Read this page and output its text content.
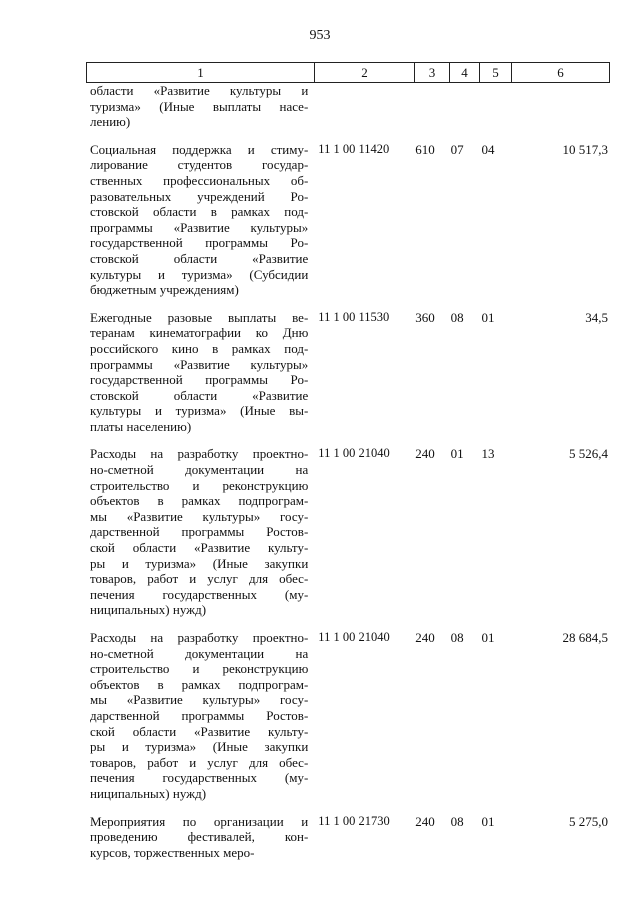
953
1	2	3	4	5	6
области «Развитие культуры и
туризма» (Иные выплаты насе-
лению)
Социальная поддержка и стиму-
лирование студентов государ-
ственных профессиональных об-
разовательных учреждений Ро-
стовской области в рамках под-
программы «Развитие культуры»
государственной программы Ро-
стовской области «Развитие
культуры и туризма» (Субсидии
бюджетным учреждениям)
11 1 00 11420	610	07	04	10 517,3
Ежегодные разовые выплаты ве-
теранам кинематографии ко Дню
российского кино в рамках под-
программы «Развитие культуры»
государственной программы Ро-
стовской области «Развитие
культуры и туризма» (Иные вы-
платы населению)
11 1 00 11530	360	08	01	34,5
Расходы на разработку проектно-
но-сметной документации на
строительство и реконструкцию
объектов в рамках подпрограм-
мы «Развитие культуры» госу-
дарственной программы Ростов-
ской области «Развитие культу-
ры и туризма» (Иные закупки
товаров, работ и услуг для обес-
печения государственных (му-
ниципальных) нужд)
11 1 00 21040	240	01	13	5 526,4
Расходы на разработку проектно-
но-сметной документации на
строительство и реконструкцию
объектов в рамках подпрограм-
мы «Развитие культуры» госу-
дарственной программы Ростов-
ской области «Развитие культу-
ры и туризма» (Иные закупки
товаров, работ и услуг для обес-
печения государственных (му-
ниципальных) нужд)
11 1 00 21040	240	08	01	28 684,5
Мероприятия по организации и
проведению фестивалей, кон-
курсов, торжественных меро-
11 1 00 21730	240	08	01	5 275,0
